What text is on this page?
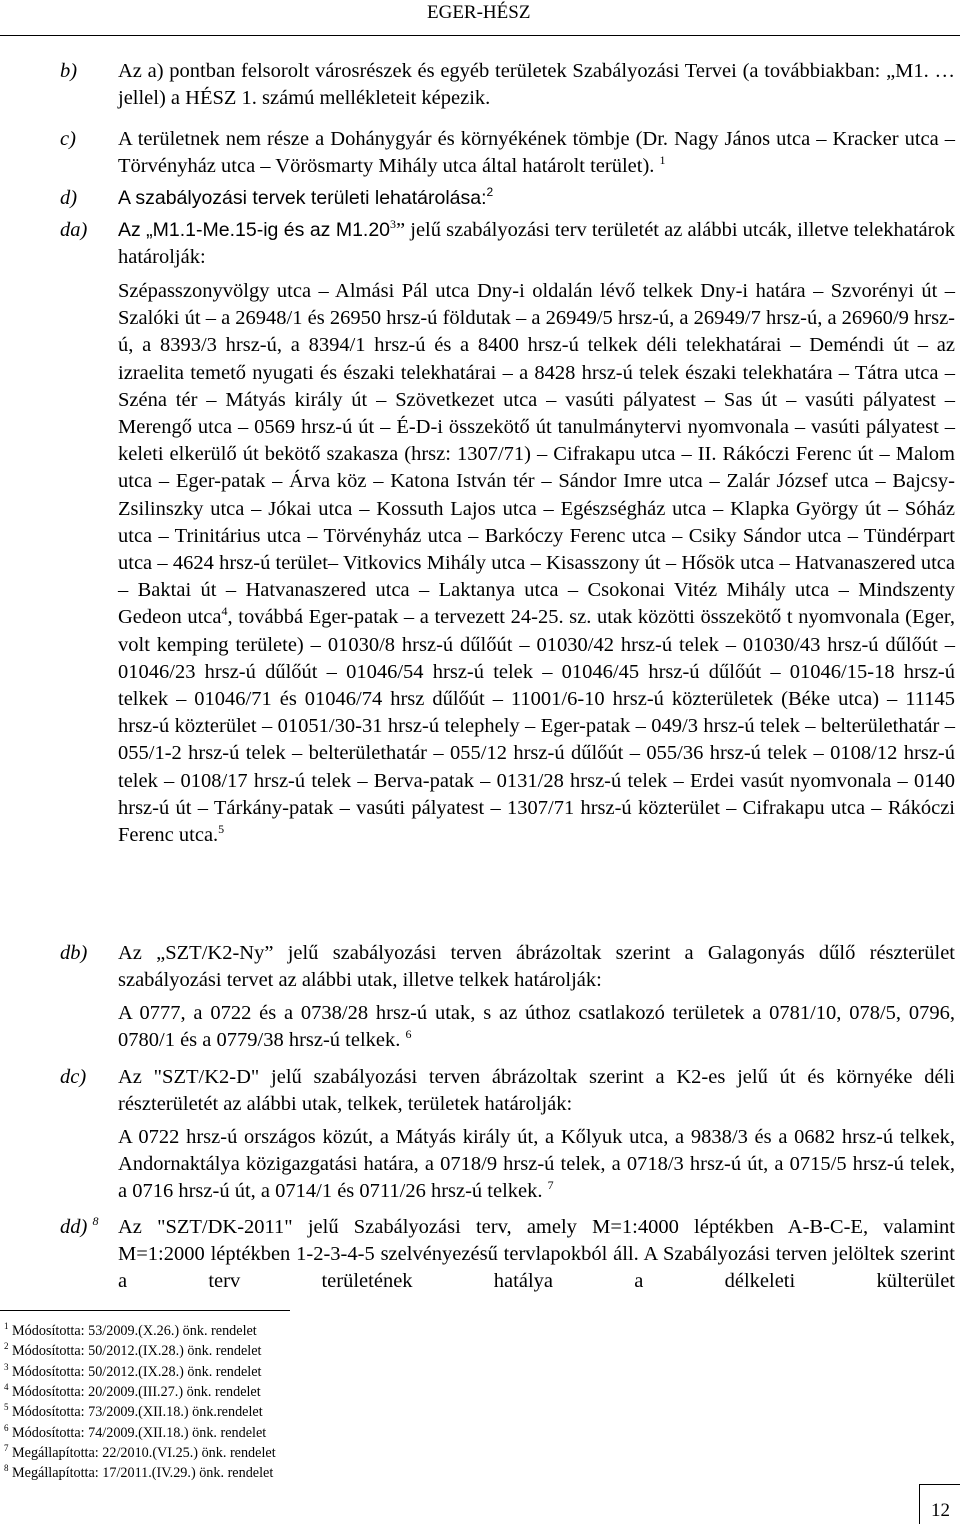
EGER-HÉSZ
b) Az a) pontban felsorolt városrészek és egyéb területek Szabályozási Tervei (a továbbiakban: „M1. … jellel) a HÉSZ 1. számú mellékleteit képezik.
c) A területnek nem része a Dohánygyár és környékének tömbje (Dr. Nagy János utca – Kracker utca – Törvényház utca – Vörösmarty Mihály utca által határolt terület). $^1$
d) A szabályozási tervek területi lehatárolása:$^2$
da) Az „M1.1-Me.15-ig és az M1.20$^3$” jelű szabályozási terv területét az alábbi utcák, illetve telekhatárok határolják:
Szépasszonyvölgy utca – Almási Pál utca Dny-i oldalán lévő telkek Dny-i határa – Szvorényi út – Szalóki út – a 26948/1 és 26950 hrsz-ú földutak – a 26949/5 hrsz-ú, a 26949/7 hrsz-ú, a 26960/9 hrsz-ú, a 8393/3 hrsz-ú, a 8394/1 hrsz-ú és a 8400 hrsz-ú telkek déli telekhatárai – Deméndi út – az izraelita temető nyugati és északi telekhatárai – a 8428 hrsz-ú telek északi telekhatára – Tátra utca – Széna tér – Mátyás király út – Szövetkezet utca – vasúti pályatest – Sas út – vasúti pályatest – Merengő utca – 0569 hrsz-ú út – É-D-i összekötő út tanulmánytervi nyomvonala – vasúti pályatest – keleti elkerülő út bekötő szakasza (hrsz: 1307/71) – Cifrakapu utca – II. Rákóczi Ferenc út – Malom utca – Eger-patak – Árva köz – Katona István tér – Sándor Imre utca – Zalár József utca – Bajcsy-Zsilinszky utca – Jókai utca – Kossuth Lajos utca – Egészségház utca – Klapka György út – Sóház utca – Trinitárius utca – Törvényház utca – Barkóczy Ferenc utca – Csiky Sándor utca – Tündérpart utca – 4624 hrsz-ú terület– Vitkovics Mihály utca – Kisasszony út – Hősök utca – Hatvanaszered utca – Baktai út – Hatvanaszered utca – Laktanya utca – Csokonai Vitéz Mihály utca – Mindszenty Gedeon utca$^4$, továbbá Eger-patak – a tervezett 24-25. sz. utak közötti összekötő t nyomvonala (Eger, volt kemping területe) – 01030/8 hrsz-ú dűlőút – 01030/42 hrsz-ú telek – 01030/43 hrsz-ú dűlőút – 01046/23 hrsz-ú dűlőút – 01046/54 hrsz-ú telek – 01046/45 hrsz-ú dűlőút – 01046/15-18 hrsz-ú telkek – 01046/71 és 01046/74 hrsz dűlőút – 11001/6-10 hrsz-ú közterületek (Béke utca) – 11145 hrsz-ú közterület – 01051/30-31 hrsz-ú telephely – Eger-patak – 049/3 hrsz-ú telek – belterülethatár – 055/1-2 hrsz-ú telek – belterülethatár – 055/12 hrsz-ú dűlőút – 055/36 hrsz-ú telek – 0108/12 hrsz-ú telek – 0108/17 hrsz-ú telek – Berva-patak – 0131/28 hrsz-ú telek – Erdei vasút nyomvonala – 0140 hrsz-ú út – Tárkány-patak – vasúti pályatest – 1307/71 hrsz-ú közterület – Cifrakapu utca – Rákóczi Ferenc utca.$^5$
db) Az „SZT/K2-Ny” jelű szabályozási terven ábrázoltak szerint a Galagonyás dűlő részterület szabályozási tervet az alábbi utak, illetve telkek határolják:
A 0777, a 0722 és a 0738/28 hrsz-ú utak, s az úthoz csatlakozó területek a 0781/10, 078/5, 0796, 0780/1 és a 0779/38 hrsz-ú telkek. $^6$
dc) Az "SZT/K2-D" jelű szabályozási terven ábrázoltak szerint a K2-es jelű út és környéke déli részterületét az alábbi utak, telkek, területek határolják:
A 0722 hrsz-ú országos közút, a Mátyás király út, a Kőlyuk utca, a 9838/3 és a 0682 hrsz-ú telkek, Andornaktálya közigazgatási határa, a 0718/9 hrsz-ú telek, a 0718/3 hrsz-ú út, a 0715/5 hrsz-ú telek, a 0716 hrsz-ú út, a 0714/1 és 0711/26 hrsz-ú telkek. $^7$
dd) $^8$ Az "SZT/DK-2011" jelű Szabályozási terv, amely M=1:4000 léptékben A-B-C-E, valamint M=1:2000 léptékben 1-2-3-4-5 szelvényezésű tervlapokból áll. A Szabályozási terven jelöltek szerint a terv területének hatálya a délkeleti külterület
$^1$ Módosította: 53/2009.(X.26.) önk. rendelet
$^2$ Módosította: 50/2012.(IX.28.) önk. rendelet
$^3$ Módosította: 50/2012.(IX.28.) önk. rendelet
$^4$ Módosította: 20/2009.(III.27.) önk. rendelet
$^5$ Módosította: 73/2009.(XII.18.) önk.rendelet
$^6$ Módosította: 74/2009.(XII.18.) önk. rendelet
$^7$ Megállapította: 22/2010.(VI.25.) önk. rendelet
$^8$ Megállapította: 17/2011.(IV.29.) önk. rendelet
12
